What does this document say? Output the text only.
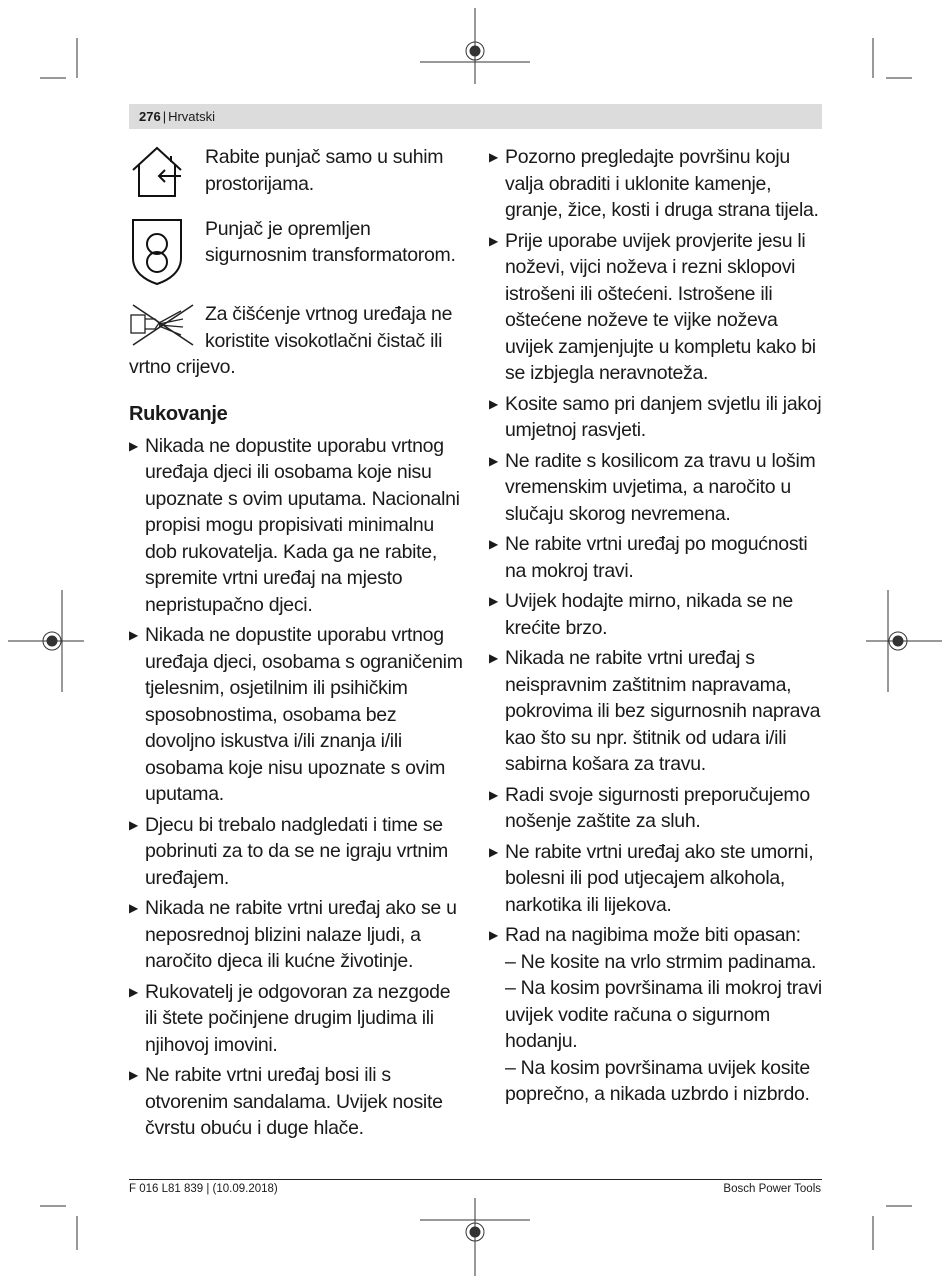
276 | Hrvatski
Rabite punjač samo u suhim prostorijama.
Punjač je opremljen sigurnosnim transformatorom.
Za čišćenje vrtnog uređaja ne koristite visokotlačni čistač ili vrtno crijevo.
Rukovanje
▶ Nikada ne dopustite uporabu vrtnog uređaja djeci ili osobama koje nisu upoznate s ovim uputama. Nacionalni propisi mogu propisivati minimalnu dob rukovatelja. Kada ga ne rabite, spremite vrtni uređaj na mjesto nepristupačno djeci.
▶ Nikada ne dopustite uporabu vrtnog uređaja djeci, osobama s ograničenim tjelesnim, osjetilnim ili psihičkim sposobnostima, osobama bez dovoljno iskustva i/ili znanja i/ili osobama koje nisu upoznate s ovim uputama.
▶ Djecu bi trebalo nadgledati i time se pobrinuti za to da se ne igraju vrtnim uređajem.
▶ Nikada ne rabite vrtni uređaj ako se u neposrednoj blizini nalaze ljudi, a naročito djeca ili kućne životinje.
▶ Rukovatelj je odgovoran za nezgode ili štete počinjene drugim ljudima ili njihovoj imovini.
▶ Ne rabite vrtni uređaj bosi ili s otvorenim sandalama. Uvijek nosite čvrstu obuću i duge hlače.
▶ Pozorno pregledajte površinu koju valja obraditi i uklonite kamenje, granje, žice, kosti i druga strana tijela.
▶ Prije uporabe uvijek provjerite jesu li noževi, vijci noževa i rezni sklopovi istrošeni ili oštećeni. Istrošene ili oštećene noževe te vijke noževa uvijek zamjenjujte u kompletu kako bi se izbjegla neravnoteža.
▶ Kosite samo pri danjem svjetlu ili jakoj umjetnoj rasvjeti.
▶ Ne radite s kosilicom za travu u lošim vremenskim uvjetima, a naročito u slučaju skorog nevremena.
▶ Ne rabite vrtni uređaj po mogućnosti na mokroj travi.
▶ Uvijek hodajte mirno, nikada se ne krećite brzo.
▶ Nikada ne rabite vrtni uređaj s neispravnim zaštitnim napravama, pokrovima ili bez sigurnosnih naprava kao što su npr. štitnik od udara i/ili sabirna košara za travu.
▶ Radi svoje sigurnosti preporučujemo nošenje zaštite za sluh.
▶ Ne rabite vrtni uređaj ako ste umorni, bolesni ili pod utjecajem alkohola, narkotika ili lijekova.
▶ Rad na nagibima može biti opasan:
– Ne kosite na vrlo strmim padinama.
– Na kosim površinama ili mokroj travi uvijek vodite računa o sigurnom hodanju.
– Na kosim površinama uvijek kosite poprečno, a nikada uzbrdo i nizbrdo.
F 016 L81 839 | (10.09.2018)	Bosch Power Tools
